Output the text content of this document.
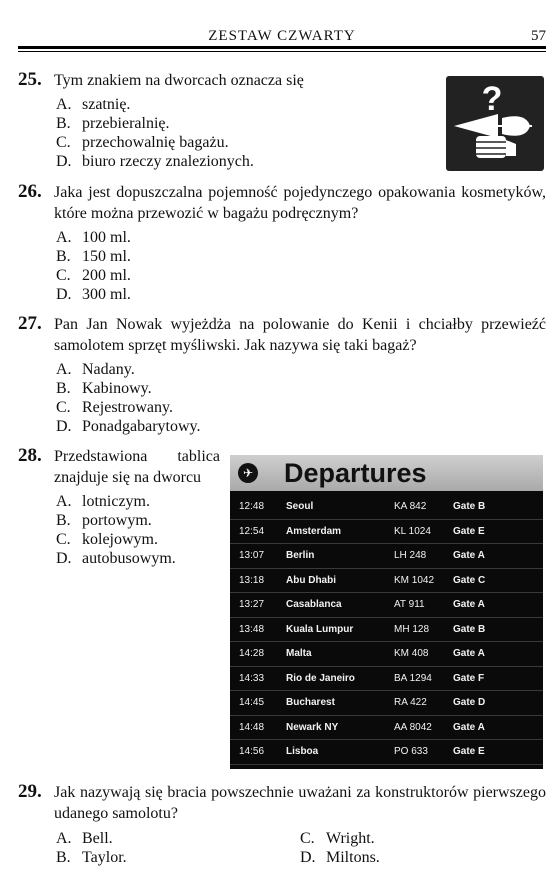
ZESTAW CZWARTY	57
25. Tym znakiem na dworcach oznacza się
A. szatnię.
B. przebieralnię.
C. przechowalnię bagażu.
D. biuro rzeczy znalezionych.
?
26. Jaka jest dopuszczalna pojemność pojedynczego opakowania kosmetyków, które można przewozić w bagażu podręcznym?
A. 100 ml.
B. 150 ml.
C. 200 ml.
D. 300 ml.
27. Pan Jan Nowak wyjeżdża na polowanie do Kenii i chciałby przewieźć samolotem sprzęt myśliwski. Jak nazywa się taki bagaż?
A. Nadany.
B. Kabinowy.
C. Rejestrowany.
D. Ponadgabarytowy.
28. Przedstawiona tablica znajduje się na dworcu
A. lotniczym.
B. portowym.
C. kolejowym.
D. autobusowym.
✈ Departures
12:48 Seoul	KA 842	Gate B
12:54 Amsterdam	KL 1024 Gate E
13:07 Berlin	LH 248	Gate A
13:18 Abu Dhabi	KM 1042 Gate C
13:27 Casablanca	AT 911	Gate A
13:48 Kuala Lumpur	MH 128 Gate B
14:28 Malta	KM 408 Gate A
14:33 Rio de Janeiro	BA 1294 Gate F
14:45 Bucharest	RA 422	Gate D
14:48 Newark NY	AA 8042 Gate A
14:56 Lisboa	PO 633	Gate E
29. Jak nazywają się bracia powszechnie uważani za konstruktorów pierwszego udanego samolotu?
A. Bell.
B. Taylor.
C. Wright.
D. Miltons.
